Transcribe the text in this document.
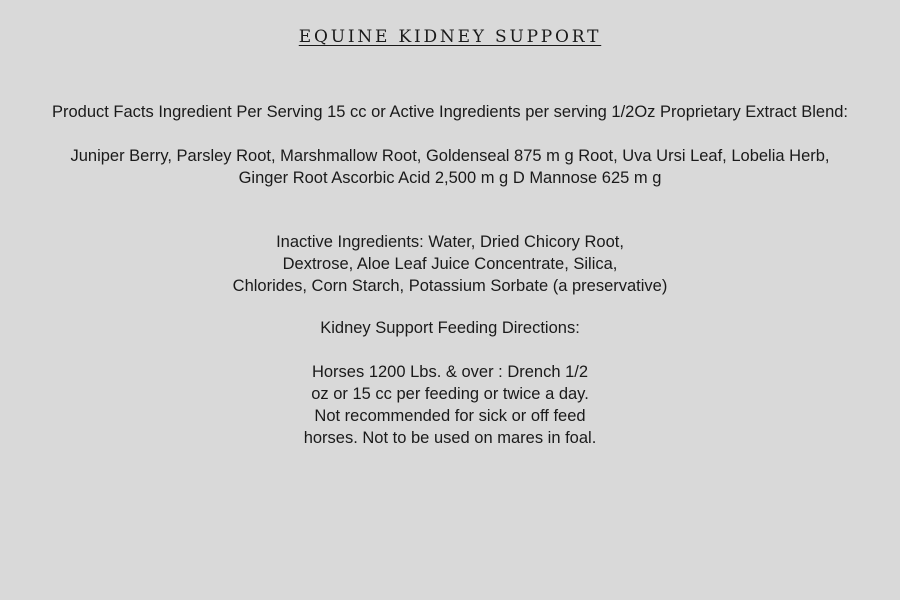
EQUINE KIDNEY SUPPORT
Product Facts Ingredient Per Serving 15 cc or Active Ingredients per serving 1/2Oz Proprietary Extract Blend:
Juniper Berry, Parsley Root, Marshmallow Root, Goldenseal 875 m g Root, Uva Ursi Leaf, Lobelia Herb,
Ginger Root Ascorbic Acid 2,500 m g D Mannose 625 m g
Inactive Ingredients: Water, Dried Chicory Root,
Dextrose, Aloe Leaf Juice Concentrate, Silica,
Chlorides, Corn Starch, Potassium Sorbate (a preservative)
Kidney Support Feeding Directions:
Horses 1200 Lbs. & over : Drench 1/2
oz or 15 cc per feeding or twice a day.
Not recommended for sick or off feed
horses. Not to be used on mares in foal.
